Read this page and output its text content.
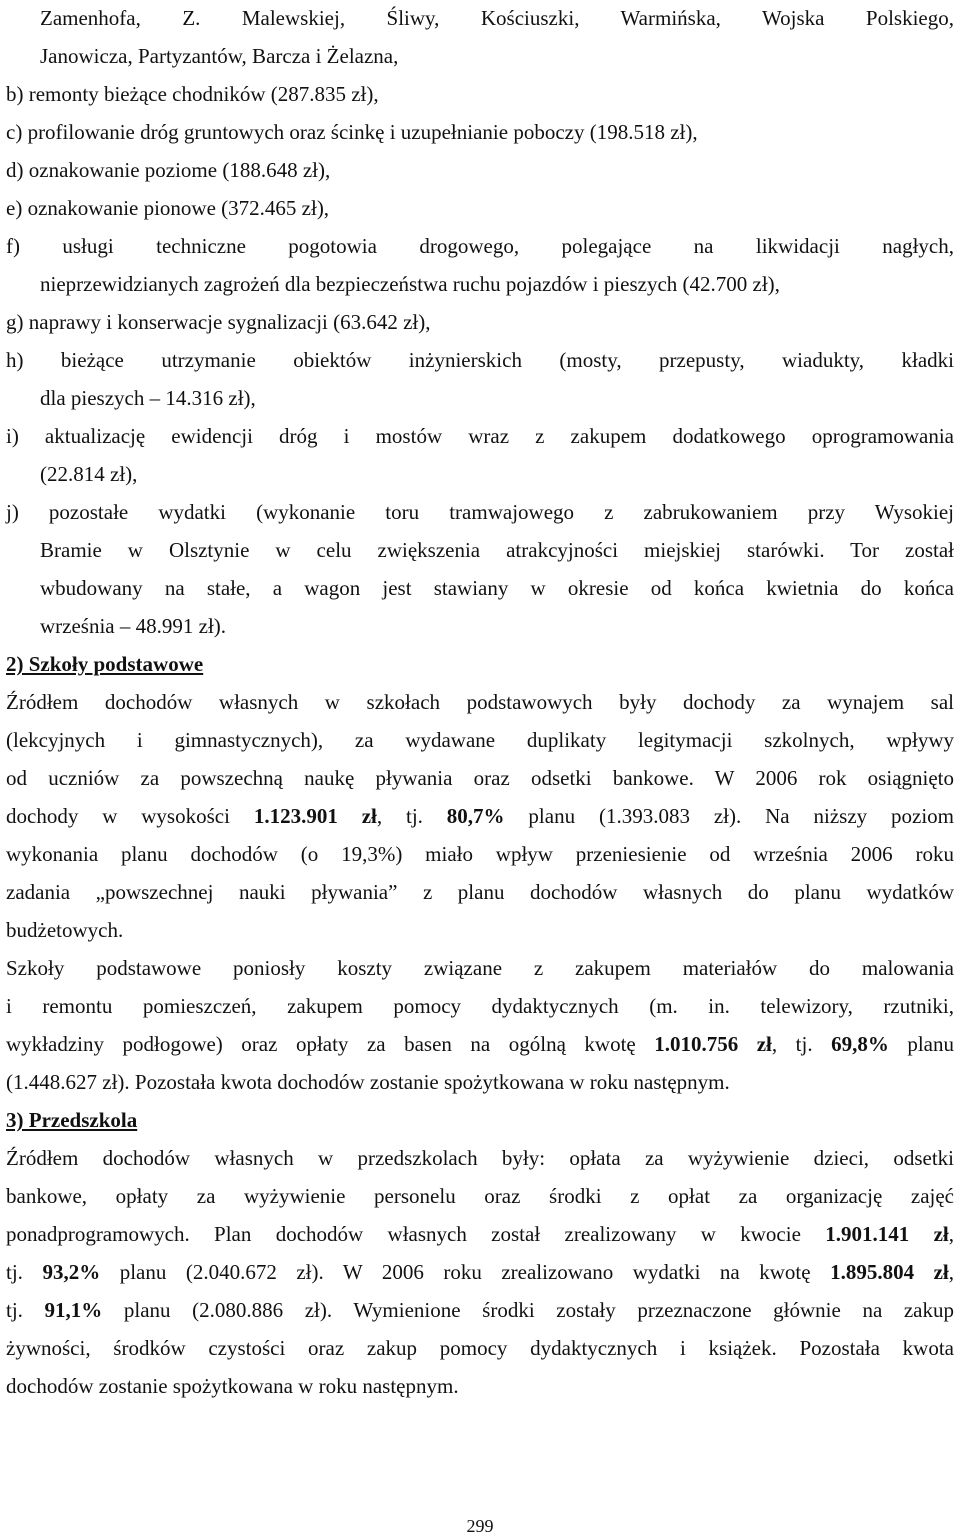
Zamenhofa, Z. Malewskiej, Śliwy, Kościuszki, Warmińska, Wojska Polskiego,
Janowicza, Partyzantów, Barcza i Żelazna,
b) remonty bieżące chodników (287.835 zł),
c) profilowanie dróg gruntowych oraz ścinkę i uzupełnianie poboczy (198.518 zł),
d) oznakowanie poziome (188.648 zł),
e) oznakowanie pionowe (372.465 zł),
f) usługi techniczne pogotowia drogowego, polegające na likwidacji nagłych,
nieprzewidzianych zagrożeń dla bezpieczeństwa ruchu pojazdów i pieszych (42.700 zł),
g) naprawy i konserwacje sygnalizacji (63.642 zł),
h) bieżące utrzymanie obiektów inżynierskich (mosty, przepusty, wiadukty, kładki
dla pieszych – 14.316 zł),
i) aktualizację ewidencji dróg i mostów wraz z zakupem dodatkowego oprogramowania
(22.814 zł),
j) pozostałe wydatki (wykonanie toru tramwajowego z zabrukowaniem przy Wysokiej
Bramie w Olsztynie w celu zwiększenia atrakcyjności miejskiej starówki. Tor został
wbudowany na stałe, a wagon jest stawiany w okresie od końca kwietnia do końca
września – 48.991 zł).
2) Szkoły podstawowe
Źródłem dochodów własnych w szkołach podstawowych były dochody za wynajem sal
(lekcyjnych i gimnastycznych), za wydawane duplikaty legitymacji szkolnych, wpływy
od uczniów za powszechną naukę pływania oraz odsetki bankowe. W 2006 rok osiągnięto
dochody w wysokości 1.123.901 zł, tj. 80,7% planu (1.393.083 zł). Na niższy poziom
wykonania planu dochodów (o 19,3%) miało wpływ przeniesienie od września 2006 roku
zadania „powszechnej nauki pływania” z planu dochodów własnych do planu wydatków
budżetowych.
Szkoły podstawowe poniosły koszty związane z zakupem materiałów do malowania
i remontu pomieszczeń, zakupem pomocy dydaktycznych (m. in. telewizory, rzutniki,
wykładziny podłogowe) oraz opłaty za basen na ogólną kwotę 1.010.756 zł, tj. 69,8% planu
(1.448.627 zł). Pozostała kwota dochodów zostanie spożytkowana w roku następnym.
3) Przedszkola
Źródłem dochodów własnych w przedszkolach były: opłata za wyżywienie dzieci, odsetki
bankowe, opłaty za wyżywienie personelu oraz środki z opłat za organizację zajęć
ponadprogramowych. Plan dochodów własnych został zrealizowany w kwocie 1.901.141 zł,
tj. 93,2% planu (2.040.672 zł). W 2006 roku zrealizowano wydatki na kwotę 1.895.804 zł,
tj. 91,1% planu (2.080.886 zł). Wymienione środki zostały przeznaczone głównie na zakup
żywności, środków czystości oraz zakup pomocy dydaktycznych i książek. Pozostała kwota
dochodów zostanie spożytkowana w roku następnym.
299
